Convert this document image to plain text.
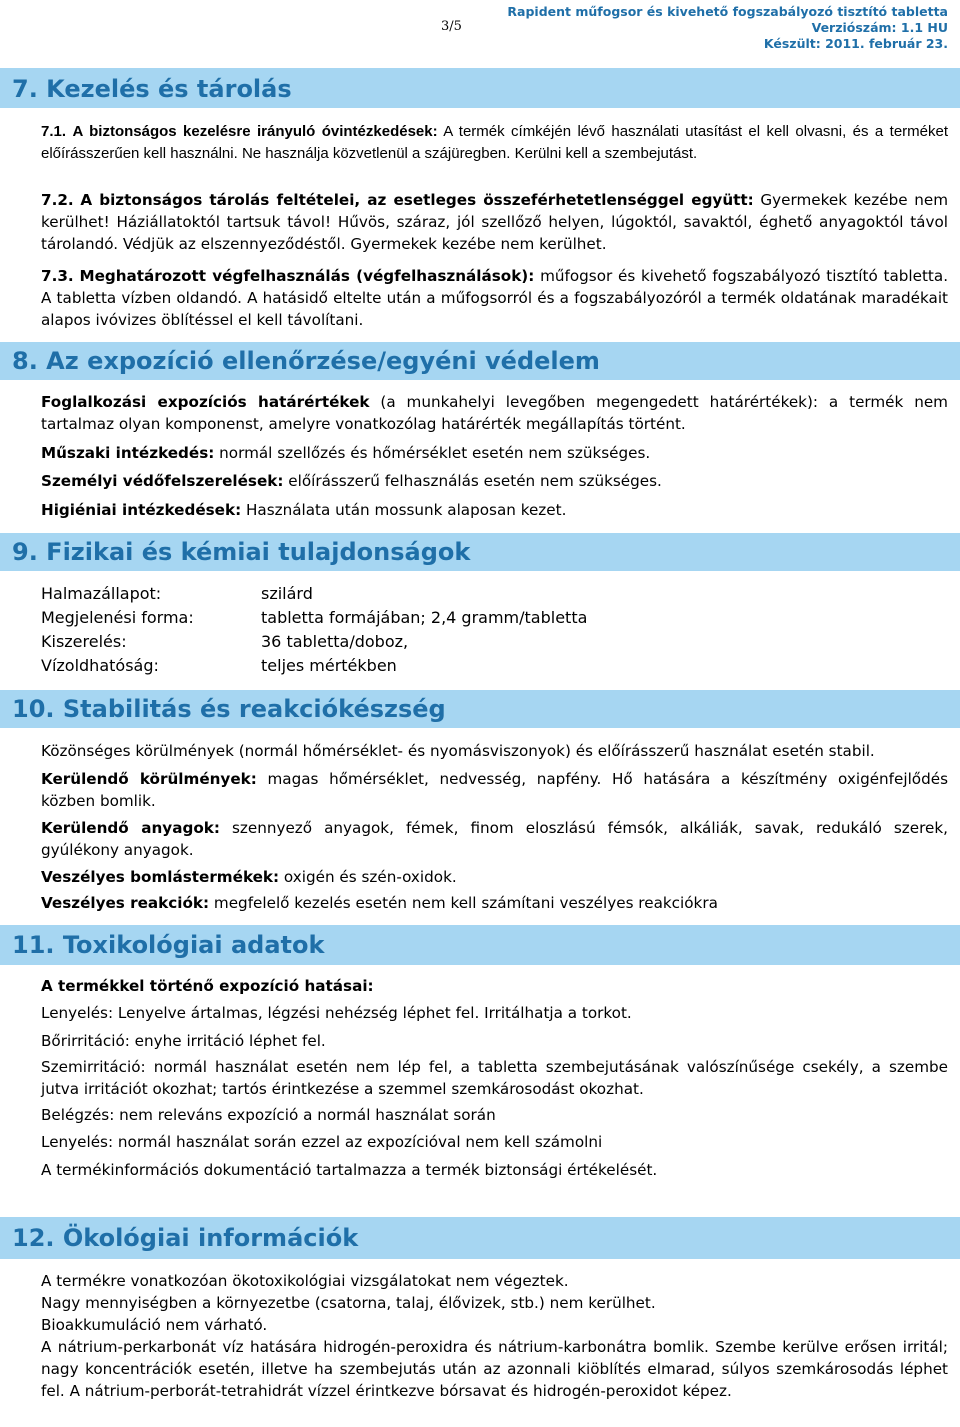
3/5
Rapident műfogsor és kivehető fogszabályozó tisztító tabletta
Verziószám: 1.1 HU
Készült: 2011. február 23.
7. Kezelés és tárolás
7.1. A biztonságos kezelésre irányuló óvintézkedések: A termék címkéjén lévő használati utasítást el kell olvasni, és a terméket előírásszerűen kell használni. Ne használja közvetlenül a szájüregben. Kerülni kell a szembejutást.
7.2. A biztonságos tárolás feltételei, az esetleges összeférhetetlenséggel együtt: Gyermekek kezébe nem kerülhet! Háziállatoktól tartsuk távol! Hűvös, száraz, jól szellőző helyen, lúgoktól, savaktól, éghető anyagoktól távol tárolandó. Védjük az elszennyeződéstől. Gyermekek kezébe nem kerülhet.
7.3. Meghatározott végfelhasználás (végfelhasználások): műfogsor és kivehető fogszabályozó tisztító tabletta. A tabletta vízben oldandó. A hatásidő eltelte után a műfogsorról és a fogszabályozóról a termék oldatának maradékait alapos ivóvizes öblítéssel el kell távolítani.
8. Az expozíció ellenőrzése/egyéni védelem
Foglalkozási expozíciós határértékek (a munkahelyi levegőben megengedett határértékek): a termék nem tartalmaz olyan komponenst, amelyre vonatkozólag határérték megállapítás történt.
Műszaki intézkedés: normál szellőzés és hőmérséklet esetén nem szükséges.
Személyi védőfelszerelések: előírásszerű felhasználás esetén nem szükséges.
Higiéniai intézkedések: Használata után mossunk alaposan kezet.
9. Fizikai és kémiai tulajdonságok
Halmazállapot:	szilárd
Megjelenési forma:	tabletta formájában; 2,4 gramm/tabletta
Kiszerelés:	36 tabletta/doboz,
Vízoldhatóság:	teljes mértékben
10. Stabilitás és reakciókészség
Közönséges körülmények (normál hőmérséklet- és nyomásviszonyok) és előírásszerű használat esetén stabil.
Kerülendő körülmények: magas hőmérséklet, nedvesség, napfény. Hő hatására a készítmény oxigénfejlődés közben bomlik.
Kerülendő anyagok: szennyező anyagok, fémek, finom eloszlású fémsók, alkáliák, savak, redukáló szerek, gyúlékony anyagok.
Veszélyes bomlástermékek: oxigén és szén-oxidok.
Veszélyes reakciók: megfelelő kezelés esetén nem kell számítani veszélyes reakciókra
11. Toxikológiai adatok
A termékkel történő expozíció hatásai:
Lenyelés: Lenyelve ártalmas, légzési nehézség léphet fel. Irritálhatja a torkot.
Bőrirritáció: enyhe irritáció léphet fel.
Szemirritáció: normál használat esetén nem lép fel, a tabletta szembejutásának valószínűsége csekély, a szembe jutva irritációt okozhat; tartós érintkezése a szemmel szemkárosodást okozhat.
Belégzés: nem releváns expozíció a normál használat során
Lenyelés: normál használat során ezzel az expozícióval nem kell számolni
A termékinformációs dokumentáció tartalmazza a termék biztonsági értékelését.
12. Ökológiai információk
A termékre vonatkozóan ökotoxikológiai vizsgálatokat nem végeztek.
Nagy mennyiségben a környezetbe (csatorna, talaj, élővizek, stb.) nem kerülhet.
Bioakkumuláció nem várható.
A nátrium-perkarbonát víz hatására hidrogén-peroxidra és nátrium-karbonátra bomlik. Szembe kerülve erősen irritál; nagy koncentrációk esetén, illetve ha szembejutás után az azonnali kiöblítés elmarad, súlyos szemkárosodás léphet fel. A nátrium-perborát-tetrahidrát vízzel érintkezve bórsavat és hidrogén-peroxidot képez.
